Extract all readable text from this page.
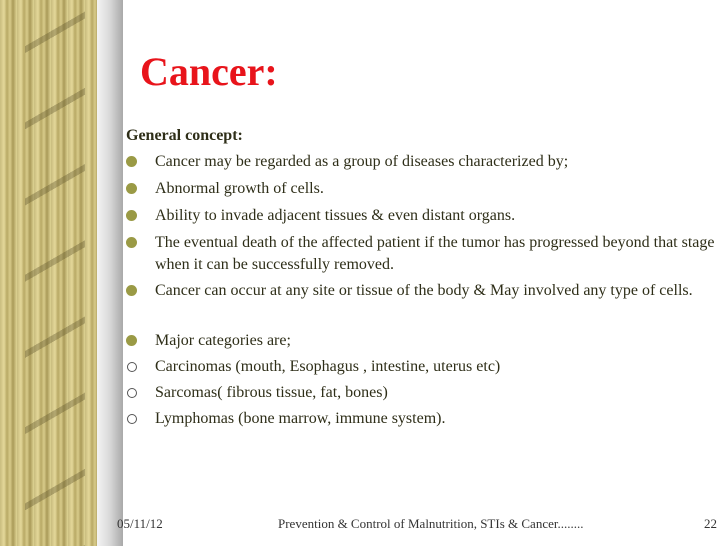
Cancer:
General concept:
Cancer may be regarded as a group of diseases characterized by;
Abnormal growth of cells.
Ability to invade adjacent tissues & even distant organs.
The eventual death of the affected patient if the tumor has progressed beyond that stage when it can be successfully removed.
Cancer can occur at any site or tissue of the body & May involved any type of cells.
Major categories are;
Carcinomas (mouth, Esophagus , intestine, uterus etc)
Sarcomas( fibrous tissue, fat, bones)
Lymphomas (bone marrow, immune system).
05/11/12	Prevention & Control of Malnutrition, STIs & Cancer........	22
